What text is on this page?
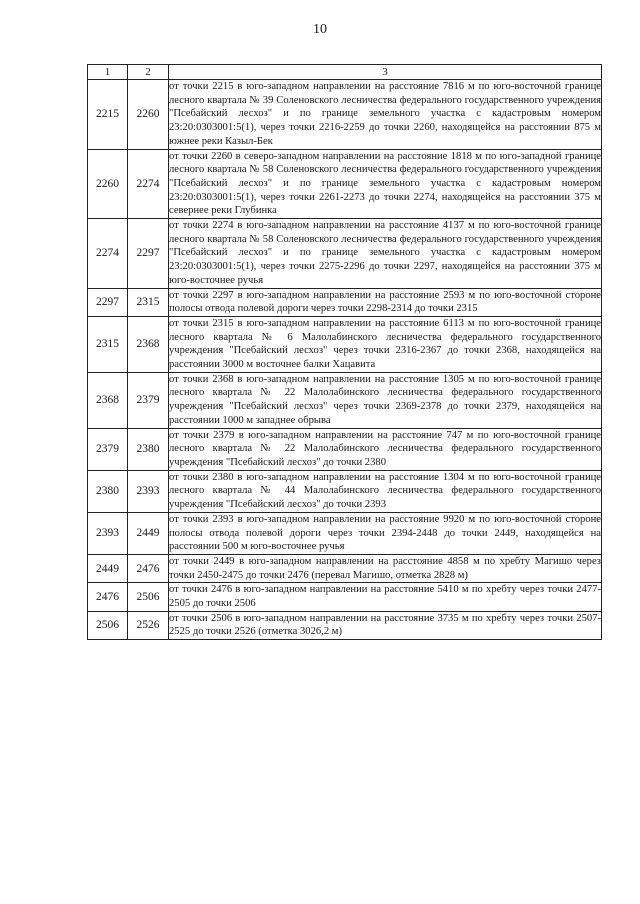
10
1	2	3
2215	2260	от точки 2215 в юго-западном направлении на расстояние 7816 м по юго-восточной границе лесного квартала № 39 Соленовского лесничества федерального государственного учреждения "Псебайский лесхоз" и по границе земельного участка с кадастровым номером 23:20:0303001:5(1), через точки 2216-2259 до точки 2260, находящейся на расстоянии 875 м южнее реки Казыл-Бек
2260	2274	от точки 2260 в северо-западном направлении на расстояние 1818 м по юго-западной границе лесного квартала № 58 Соленовского лесничества федерального государственного учреждения "Псебайский лесхоз" и по границе земельного участка с кадастровым номером 23:20:0303001:5(1), через точки 2261-2273 до точки 2274, находящейся на расстоянии 375 м севернее реки Глубинка
2274	2297	от точки 2274 в юго-западном направлении на расстояние 4137 м по юго-восточной границе лесного квартала № 58 Соленовского лесничества федерального государственного учреждения "Псебайский лесхоз" и по границе земельного участка с кадастровым номером 23:20:0303001:5(1), через точки 2275-2296 до точки 2297, находящейся на расстоянии 375 м юго-восточнее ручья
2297	2315	от точки 2297 в юго-западном направлении на расстояние 2593 м по юго-восточной стороне полосы отвода полевой дороги через точки 2298-2314 до точки 2315
2315	2368	от точки 2315 в юго-западном направлении на расстояние 6113 м по юго-восточной границе лесного квартала № 6 Малолабинского лесничества федерального государственного учреждения "Псебайский лесхоз" через точки 2316-2367 до точки 2368, находящейся на расстоянии 3000 м восточнее балки Хацавита
2368	2379	от точки 2368 в юго-западном направлении на расстояние 1305 м по юго-восточной границе лесного квартала № 22 Малолабинского лесничества федерального государственного учреждения "Псебайский лесхоз" через точки 2369-2378 до точки 2379, находящейся на расстоянии 1000 м западнее обрыва
2379	2380	от точки 2379 в юго-западном направлении на расстояние 747 м по юго-восточной границе лесного квартала № 22 Малолабинского лесничества федерального государственного учреждения "Псебайский лесхоз" до точки 2380
2380	2393	от точки 2380 в юго-западном направлении на расстояние 1304 м по юго-восточной границе лесного квартала № 44 Малолабинского лесничества федерального государственного учреждения "Псебайский лесхоз" до точки 2393
2393	2449	от точки 2393 в юго-западном направлении на расстояние 9920 м по юго-восточной стороне полосы отвода полевой дороги через точки 2394-2448 до точки 2449, находящейся на расстоянии 500 м юго-восточнее ручья
2449	2476	от точки 2449 в юго-западном направлении на расстояние 4858 м по хребту Магишо через точки 2450-2475 до точки 2476 (перевал Магишо, отметка 2828 м)
2476	2506	от точки 2476 в юго-западном направлении на расстояние 5410 м по хребту через точки 2477-2505 до точки 2506
2506	2526	от точки 2506 в юго-западном направлении на расстояние 3735 м по хребту через точки 2507-2525 до точки 2526 (отметка 3026,2 м)
